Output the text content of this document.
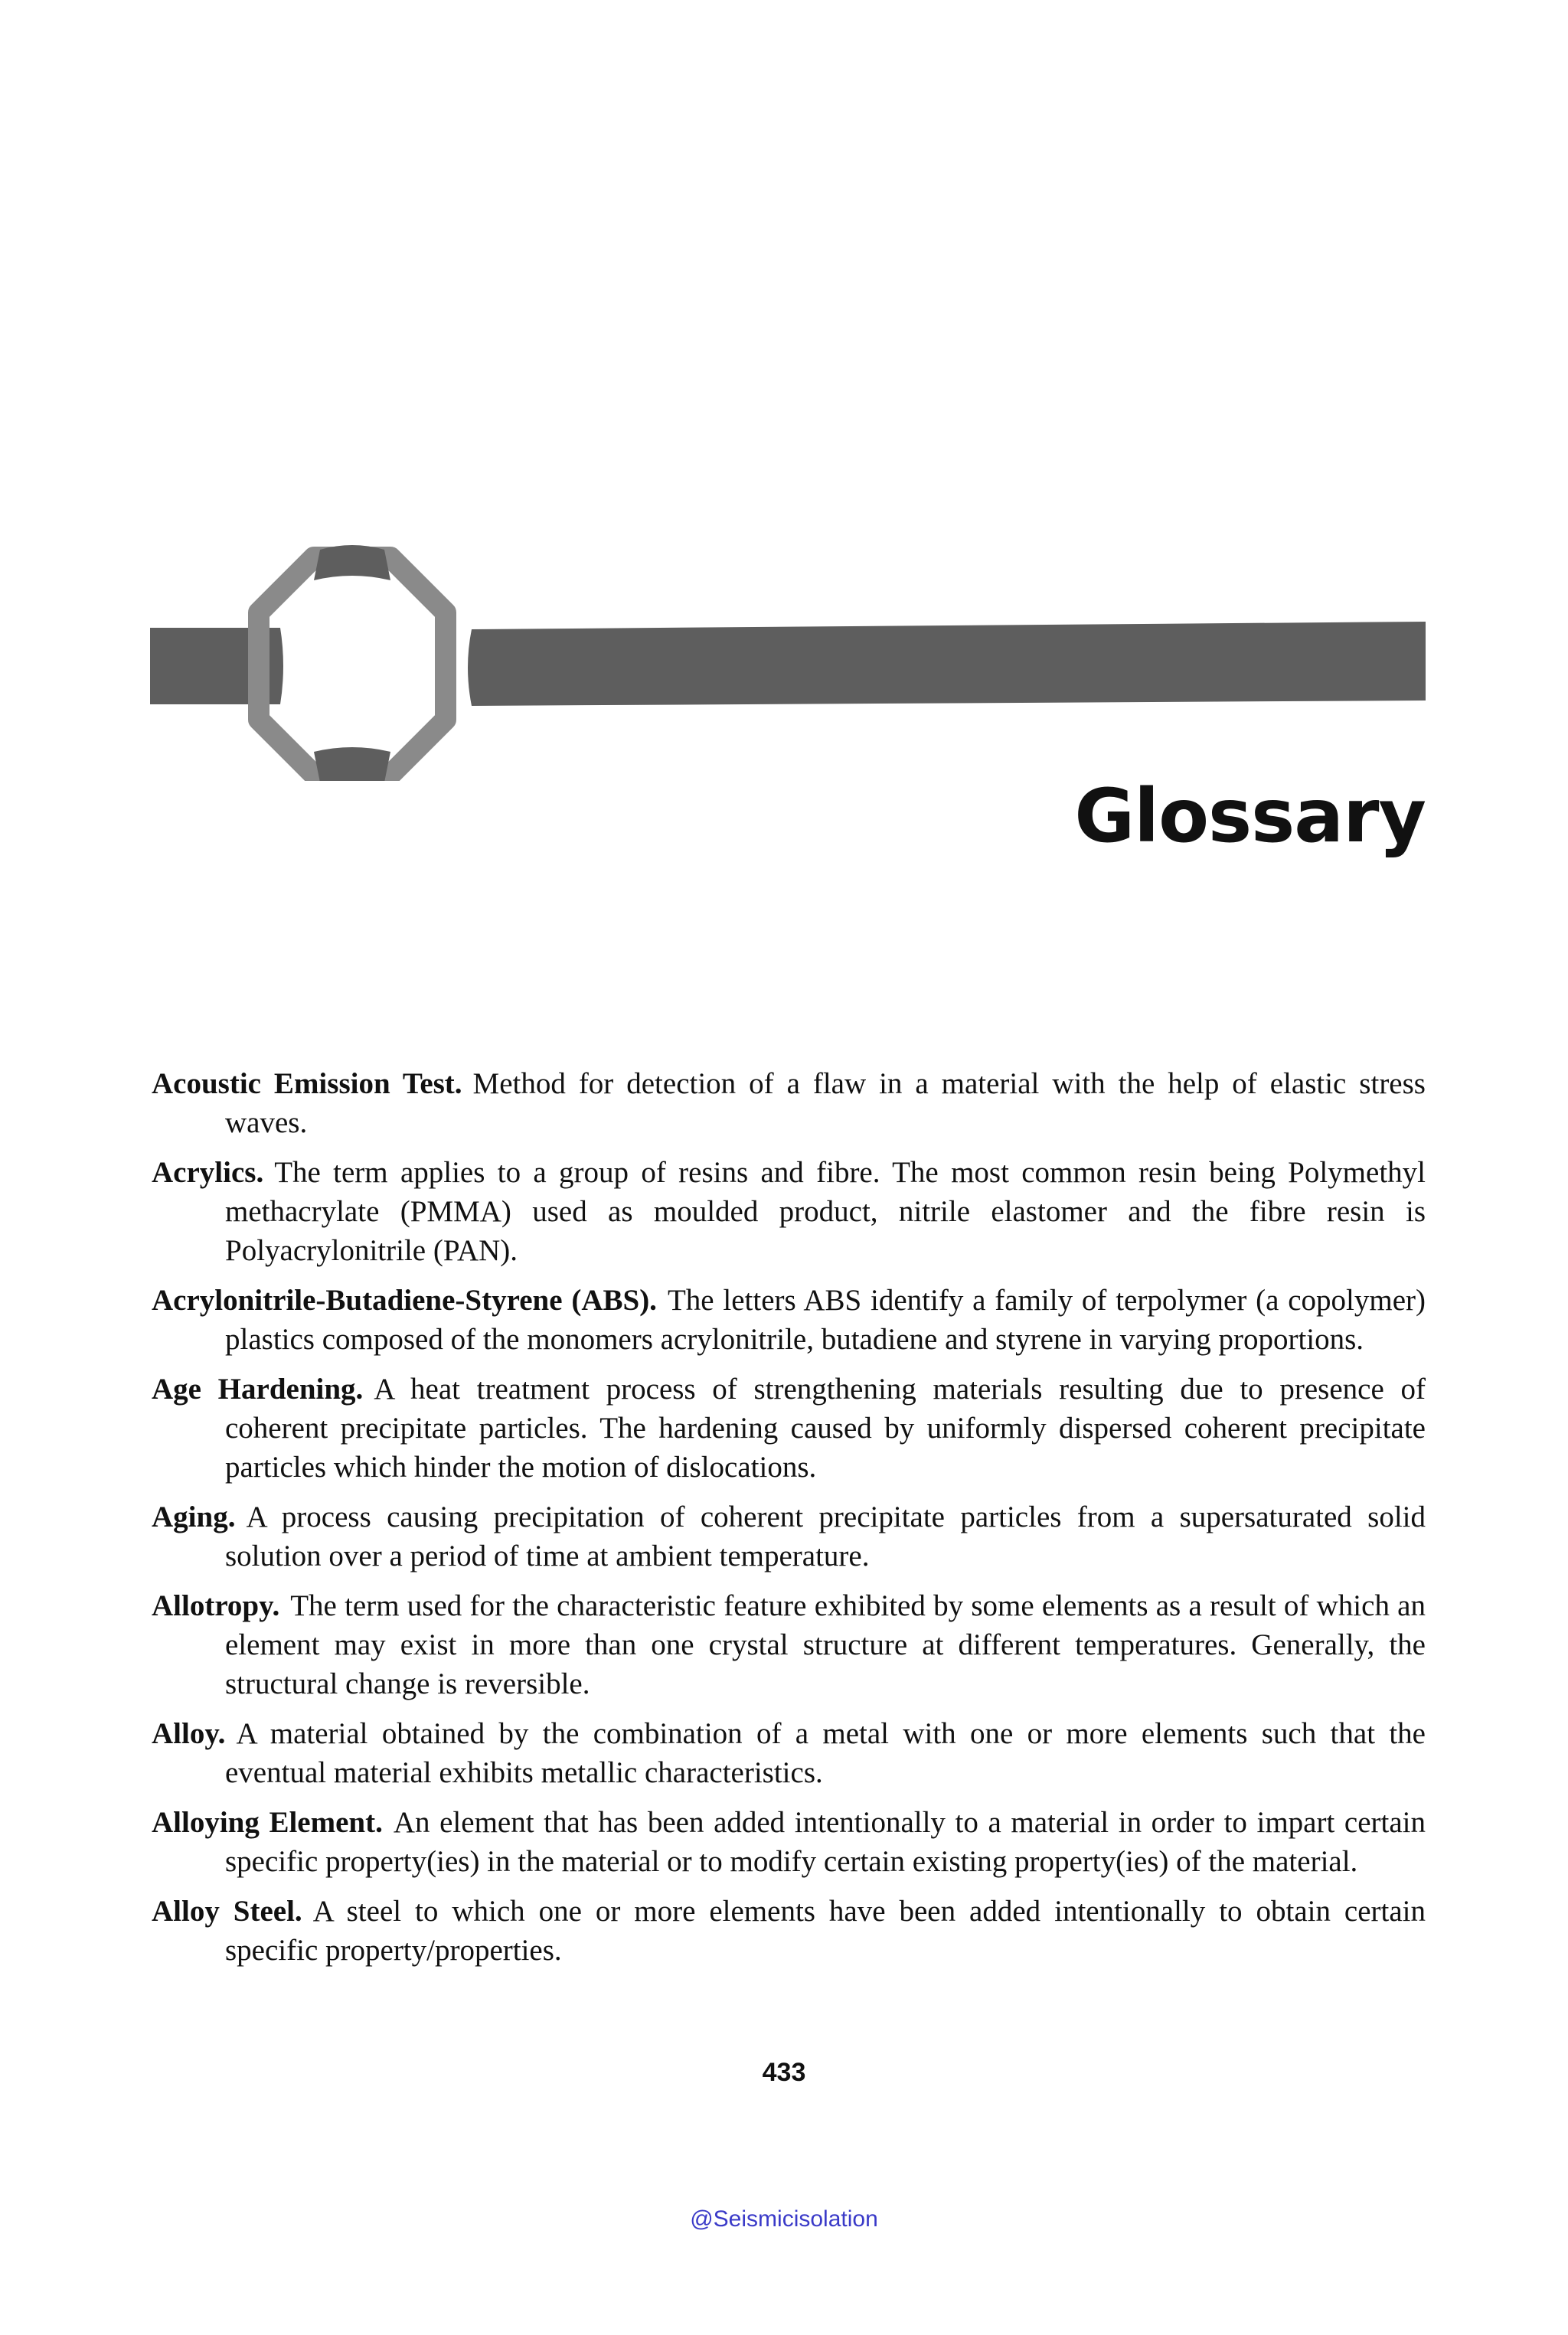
Glossary

Acoustic Emission Test. Method for detection of a flaw in a material with the help of elastic stress waves.

Acrylics. The term applies to a group of resins and fibre. The most common resin being Polymethyl methacrylate (PMMA) used as moulded product, nitrile elastomer and the fibre resin is Polyacrylonitrile (PAN).

Acrylonitrile-Butadiene-Styrene (ABS). The letters ABS identify a family of terpolymer (a copolymer) plastics composed of the monomers acrylonitrile, butadiene and styrene in varying proportions.

Age Hardening. A heat treatment process of strengthening materials resulting due to presence of coherent precipitate particles. The hardening caused by uniformly dispersed coherent precipitate particles which hinder the motion of dislocations.

Aging. A process causing precipitation of coherent precipitate particles from a supersaturated solid solution over a period of time at ambient temperature.

Allotropy. The term used for the characteristic feature exhibited by some elements as a result of which an element may exist in more than one crystal structure at different temperatures. Generally, the structural change is reversible.

Alloy. A material obtained by the combination of a metal with one or more elements such that the eventual material exhibits metallic characteristics.

Alloying Element. An element that has been added intentionally to a material in order to impart certain specific property(ies) in the material or to modify certain existing property(ies) of the material.

Alloy Steel. A steel to which one or more elements have been added intentionally to obtain certain specific property/properties.

433
@Seismicisolation
